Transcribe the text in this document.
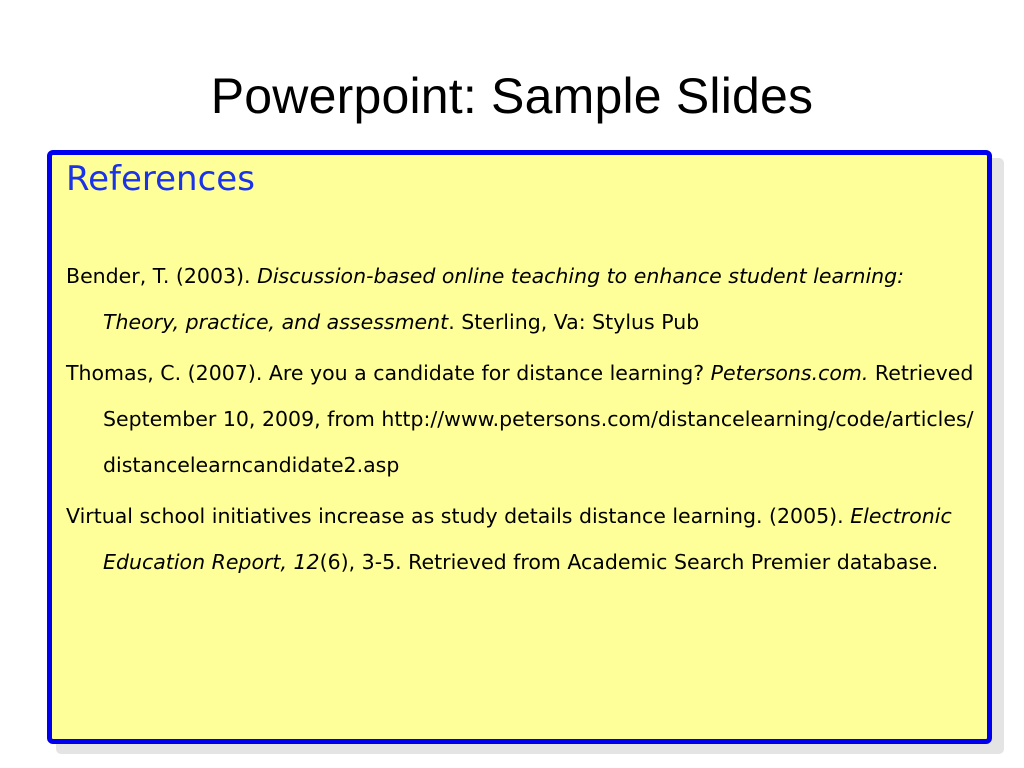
Powerpoint: Sample Slides
References
Bender, T. (2003). Discussion-based online teaching to enhance student learning: Theory, practice, and assessment. Sterling, Va: Stylus Pub
Thomas, C. (2007). Are you a candidate for distance learning? Petersons.com. Retrieved September 10, 2009, from http://www.petersons.com/distancelearning/code/articles/ distancelearncandidate2.asp
Virtual school initiatives increase as study details distance learning. (2005). Electronic Education Report, 12(6), 3-5. Retrieved from Academic Search Premier database.
